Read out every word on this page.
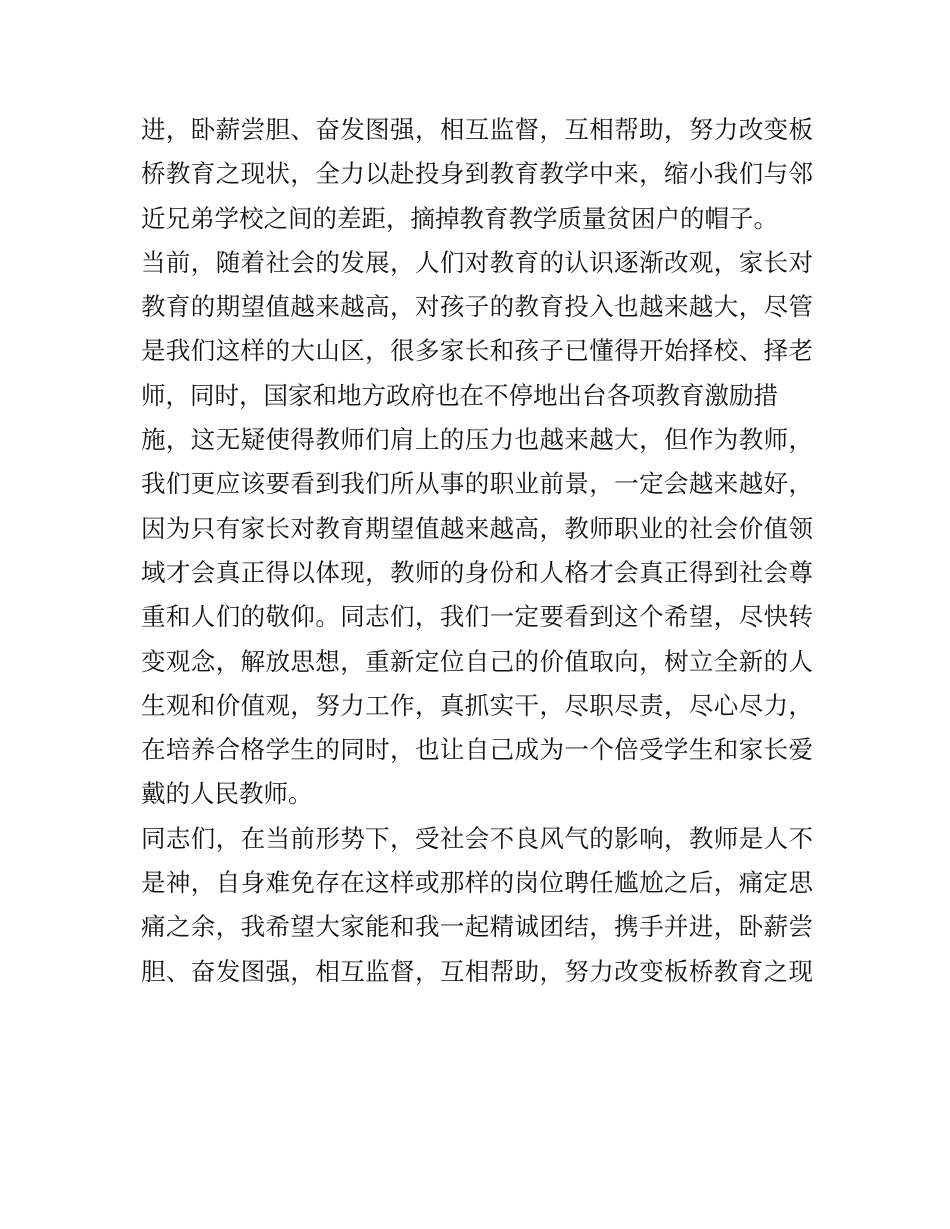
进，卧薪尝胆、奋发图强，相互监督，互相帮助，努力改变板
桥教育之现状，全力以赴投身到教育教学中来，缩小我们与邻
近兄弟学校之间的差距，摘掉教育教学质量贫困户的帽子。
当前，随着社会的发展，人们对教育的认识逐渐改观，家长对
教育的期望值越来越高，对孩子的教育投入也越来越大，尽管
是我们这样的大山区，很多家长和孩子已懂得开始择校、择老
师，同时，国家和地方政府也在不停地出台各项教育激励措
施，这无疑使得教师们肩上的压力也越来越大，但作为教师，
我们更应该要看到我们所从事的职业前景，一定会越来越好，
因为只有家长对教育期望值越来越高，教师职业的社会价值领
域才会真正得以体现，教师的身份和人格才会真正得到社会尊
重和人们的敬仰。同志们，我们一定要看到这个希望，尽快转
变观念，解放思想，重新定位自己的价值取向，树立全新的人
生观和价值观，努力工作，真抓实干，尽职尽责，尽心尽力，
在培养合格学生的同时，也让自己成为一个倍受学生和家长爱
戴的人民教师。
同志们，在当前形势下，受社会不良风气的影响，教师是人不
是神，自身难免存在这样或那样的岗位聘任尴尬之后，痛定思
痛之余，我希望大家能和我一起精诚团结，携手并进，卧薪尝
胆、奋发图强，相互监督，互相帮助，努力改变板桥教育之现
